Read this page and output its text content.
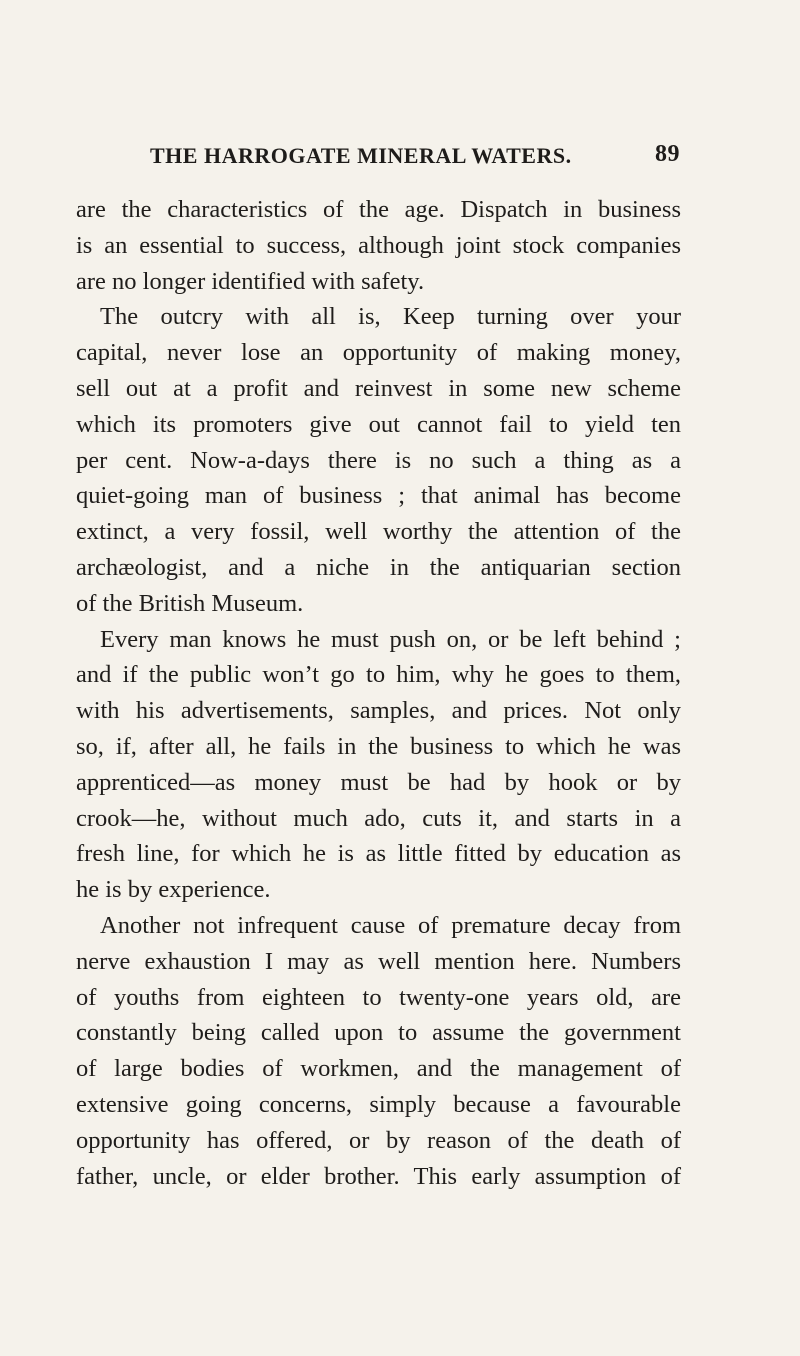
THE HARROGATE MINERAL WATERS.	89
are the characteristics of the age. Dispatch in business
is an essential to success, although joint stock companies
are no longer identified with safety.
The outcry with all is, Keep turning over your
capital, never lose an opportunity of making money,
sell out at a profit and reinvest in some new scheme
which its promoters give out cannot fail to yield ten
per cent. Now-a-days there is no such a thing as a
quiet-going man of business ; that animal has become
extinct, a very fossil, well worthy the attention of the
archæologist, and a niche in the antiquarian section
of the British Museum.
Every man knows he must push on, or be left behind ;
and if the public won’t go to him, why he goes to them,
with his advertisements, samples, and prices. Not only
so, if, after all, he fails in the business to which he was
apprenticed—as money must be had by hook or by
crook—he, without much ado, cuts it, and starts in a
fresh line, for which he is as little fitted by education as
he is by experience.
Another not infrequent cause of premature decay from
nerve exhaustion I may as well mention here. Numbers
of youths from eighteen to twenty-one years old, are
constantly being called upon to assume the government
of large bodies of workmen, and the management of
extensive going concerns, simply because a favourable
opportunity has offered, or by reason of the death of
father, uncle, or elder brother. This early assumption of
